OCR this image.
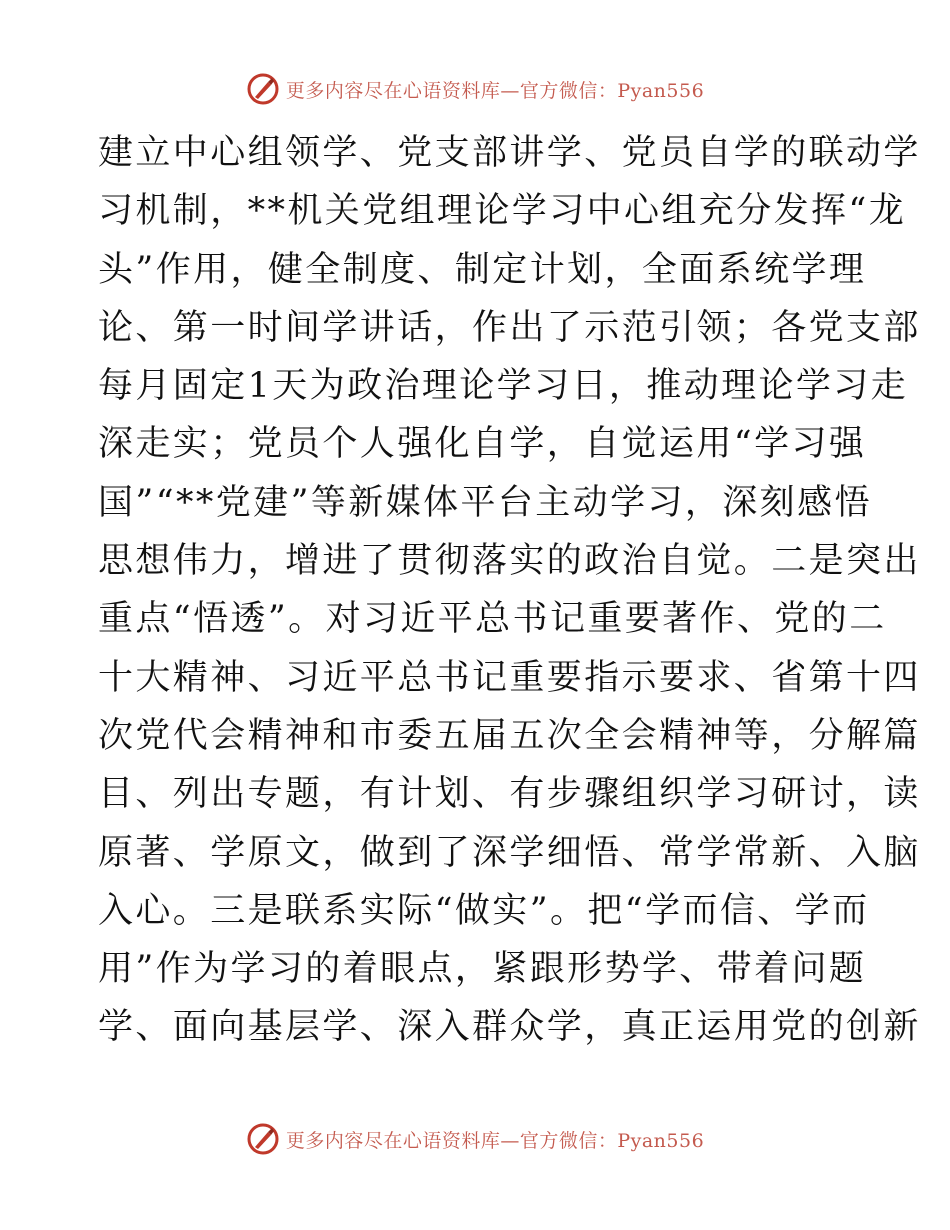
更多内容尽在心语资料库—官方微信：Pyan556
建立中心组领学、党支部讲学、党员自学的联动学
习机制，**机关党组理论学习中心组充分发挥“龙
头”作用，健全制度、制定计划，全面系统学理
论、第一时间学讲话，作出了示范引领；各党支部
每月固定1天为政治理论学习日，推动理论学习走
深走实；党员个人强化自学，自觉运用“学习强
国”“**党建”等新媒体平台主动学习，深刻感悟
思想伟力，增进了贯彻落实的政治自觉。二是突出
重点“悟透”。对习近平总书记重要著作、党的二
十大精神、习近平总书记重要指示要求、省第十四
次党代会精神和市委五届五次全会精神等，分解篇
目、列出专题，有计划、有步骤组织学习研讨，读
原著、学原文，做到了深学细悟、常学常新、入脑
入心。三是联系实际“做实”。把“学而信、学而
用”作为学习的着眼点，紧跟形势学、带着问题
学、面向基层学、深入群众学，真正运用党的创新
更多内容尽在心语资料库—官方微信：Pyan556
